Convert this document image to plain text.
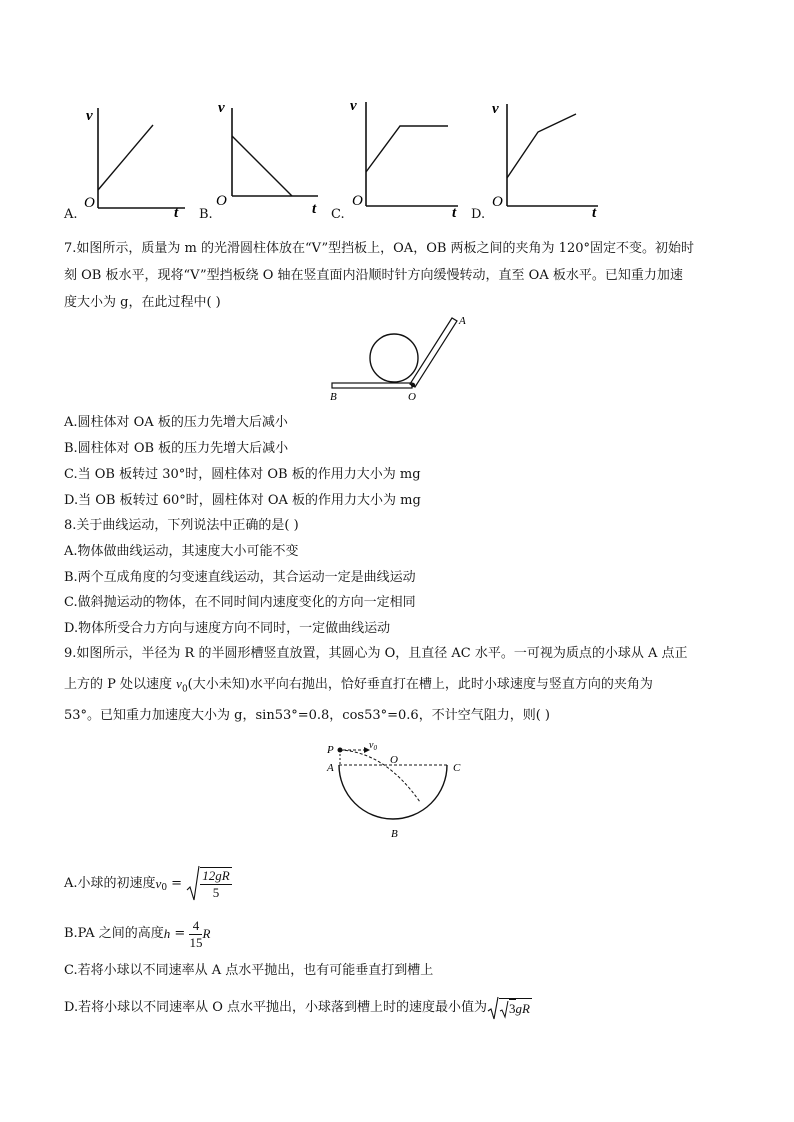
v
O
t
v
O	t
v
O
t
v
O
t
A.	B.	C.	D.
7.如图所示，质量为 m 的光滑圆柱体放在“V”型挡板上，OA，OB 两板之间的夹角为 120°固定不变。初始时
刻 OB 板水平，现将“V”型挡板绕 O 轴在竖直面内沿顺时针方向缓慢转动，直至 OA 板水平。已知重力加速
度大小为 g，在此过程中( )
A
B	O
A.圆柱体对 OA 板的压力先增大后减小
B.圆柱体对 OB 板的压力先增大后减小
C.当 OB 板转过 30°时，圆柱体对 OB 板的作用力大小为 mg
D.当 OB 板转过 60°时，圆柱体对 OA 板的作用力大小为 mg
8.关于曲线运动，下列说法中正确的是( )
A.物体做曲线运动，其速度大小可能不变
B.两个互成角度的匀变速直线运动，其合运动一定是曲线运动
C.做斜抛运动的物体，在不同时间内速度变化的方向一定相同
D.物体所受合力方向与速度方向不同时，一定做曲线运动
9.如图所示，半径为 R 的半圆形槽竖直放置，其圆心为 O，且直径 AC 水平。一可视为质点的小球从 A 点正
上方的 P 处以速度 $v_0$(大小未知)水平向右抛出，恰好垂直打在槽上，此时小球速度与竖直方向的夹角为
53°。已知重力加速度大小为 g，sin53°=0.8，cos53°=0.6，不计空气阻力，则( )
P	$v_0$
A
O
C
B
A.小球的初速度 $v_0 = \frac{12gR}{5}$
B.PA 之间的高度 $h = \frac{4}{15}$ R
C.若将小球以不同速率从 A 点水平抛出，也有可能垂直打到槽上
D.若将小球以不同速率从 O 点水平抛出，小球落到槽上时的速度最小值为 3 gR
